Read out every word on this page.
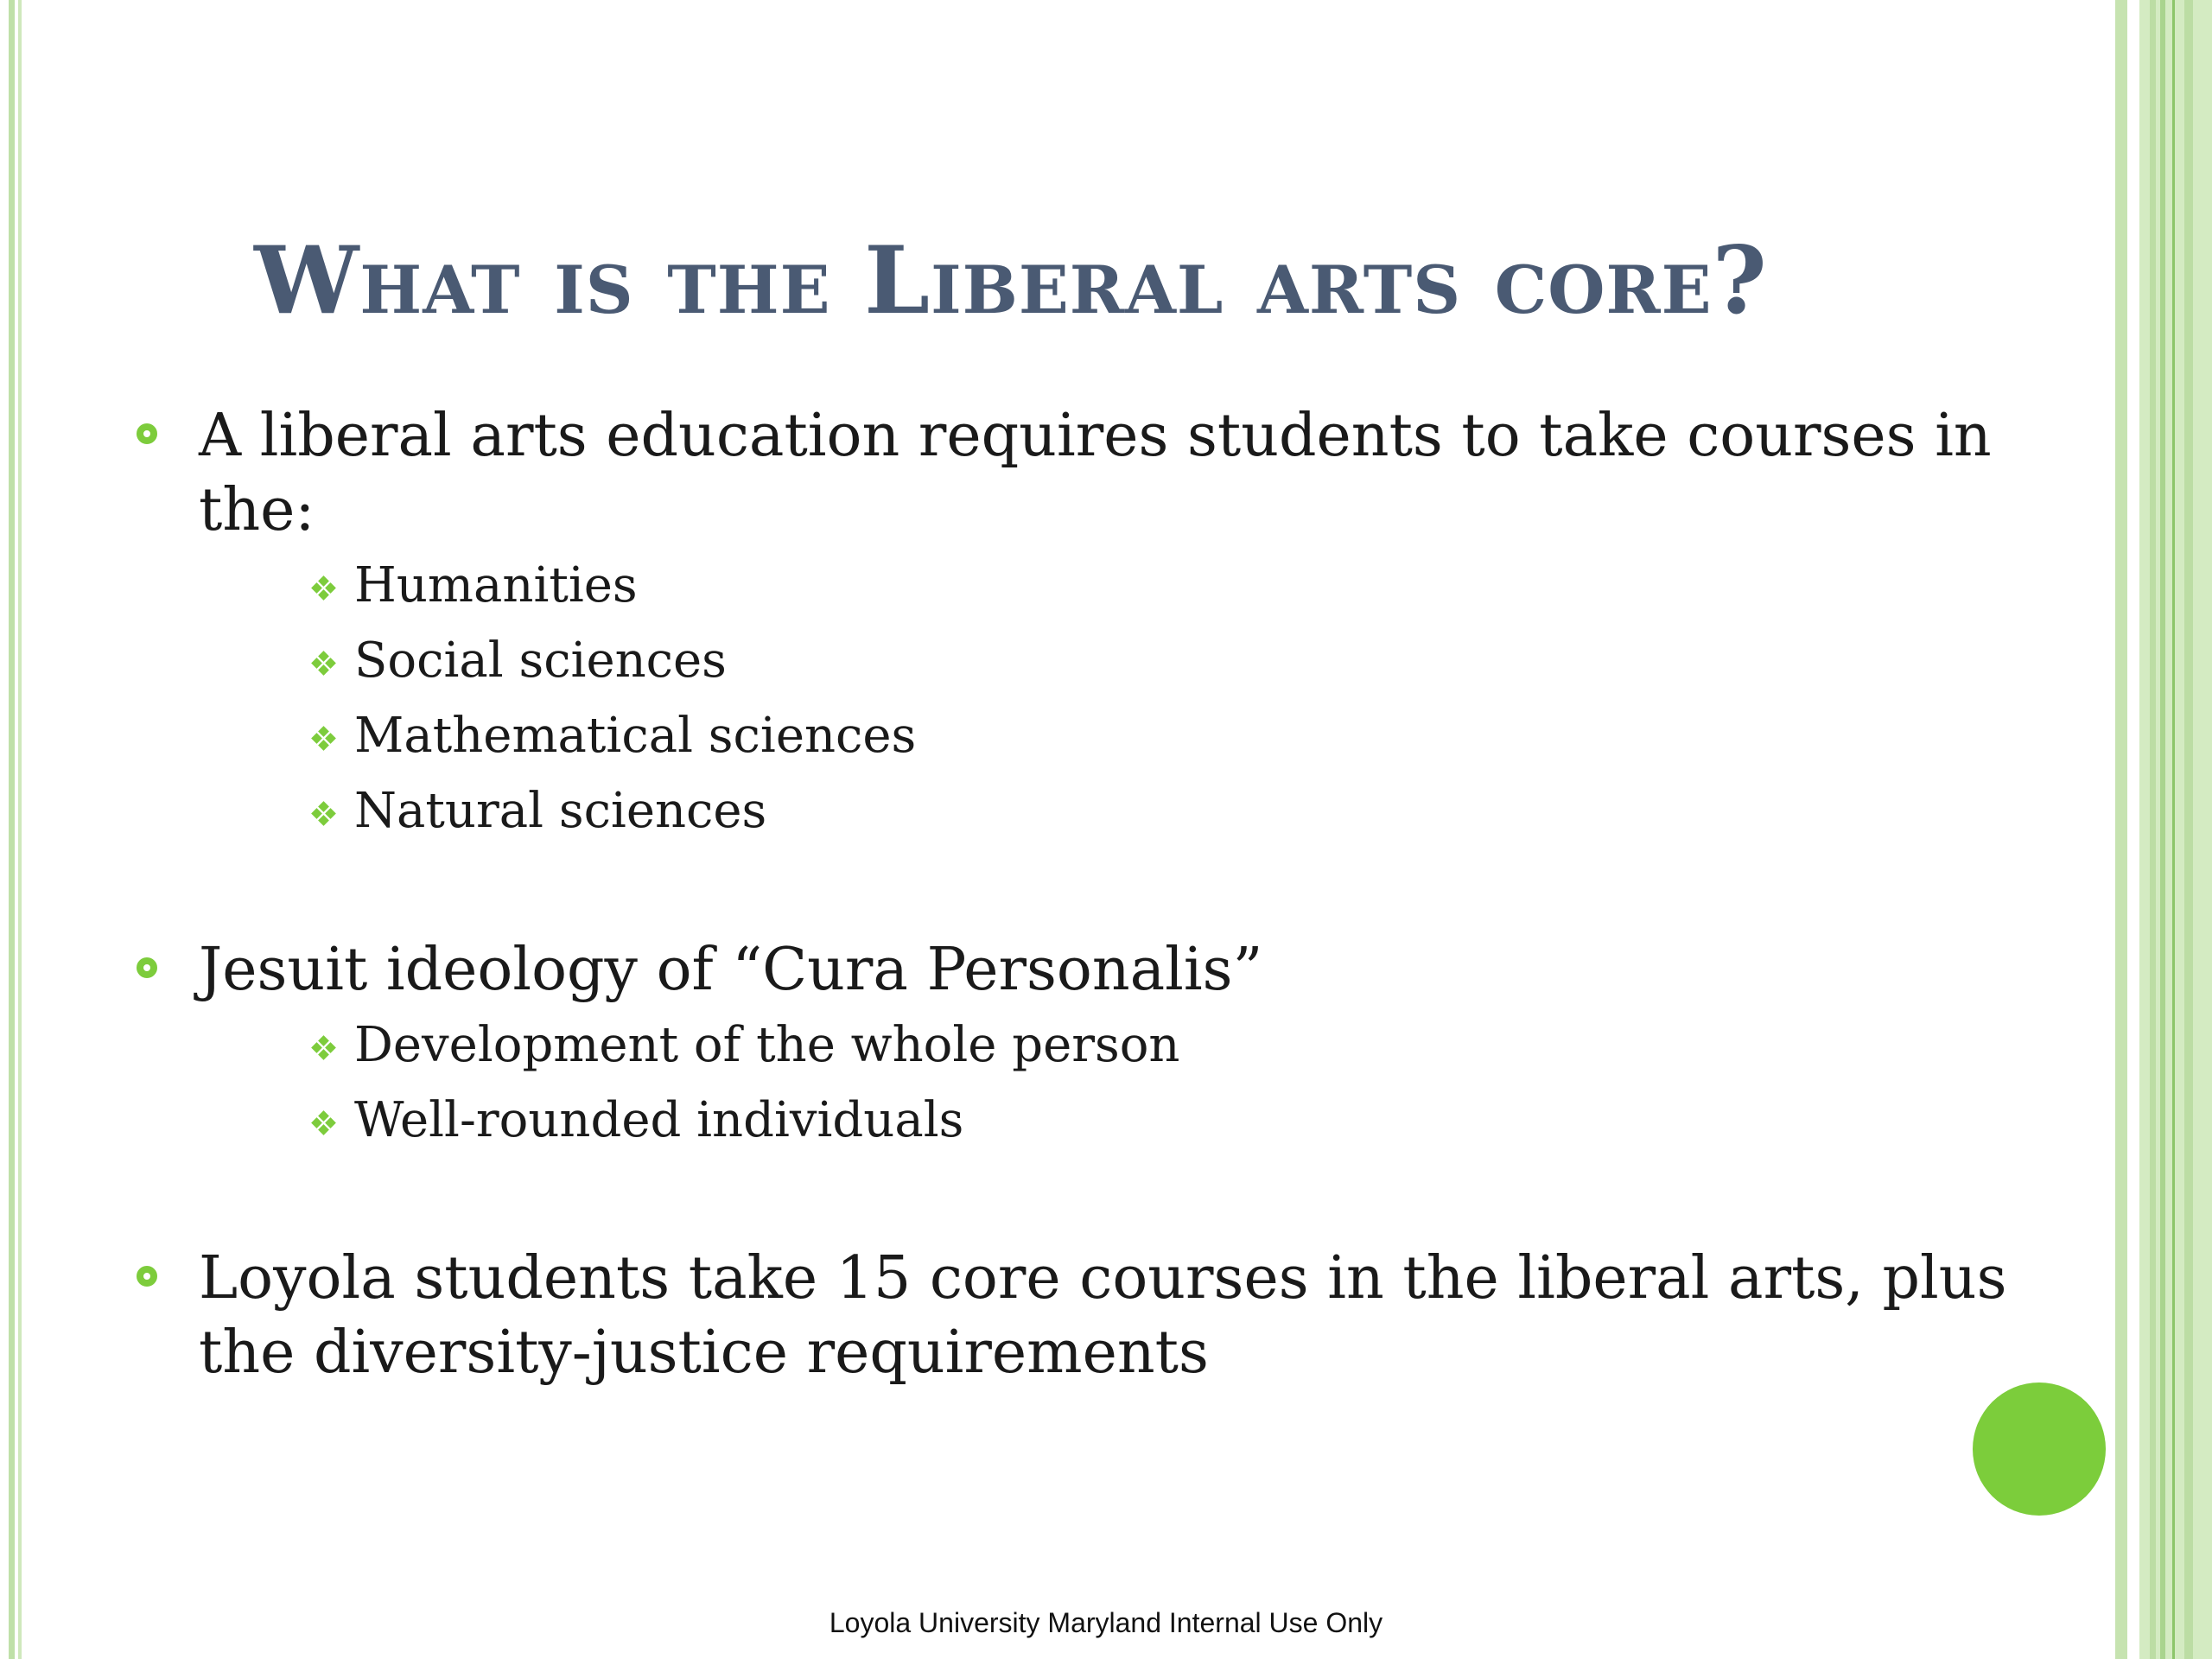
What is the Liberal arts core?
A liberal arts education requires students to take courses in the:
Humanities
Social sciences
Mathematical sciences
Natural sciences
Jesuit ideology of “Cura Personalis”
Development of the whole person
Well-rounded individuals
Loyola students take 15 core courses in the liberal arts, plus the diversity-justice requirements
Loyola University Maryland Internal Use Only
